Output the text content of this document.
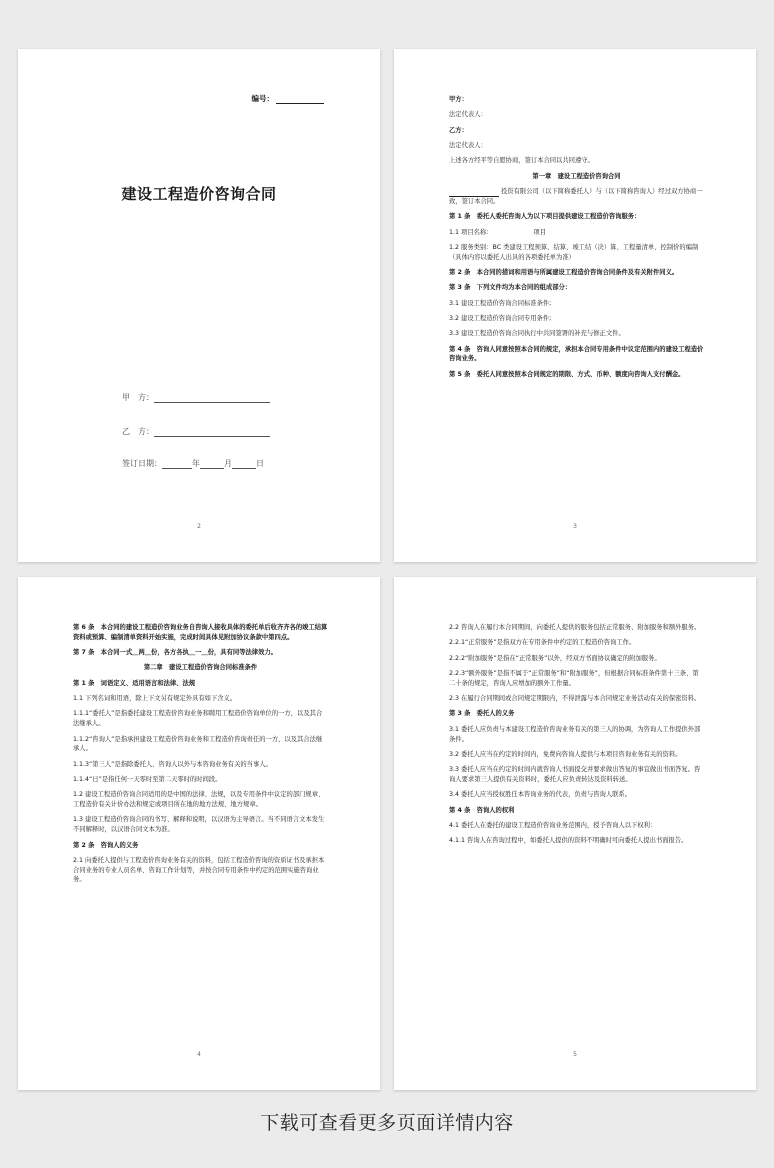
编号：
建设工程造价咨询合同
甲　方：
乙　方：
签订日期：	年	月	日
2

甲方：

法定代表人：

乙方：

法定代表人：

上述各方经平等自愿协商，签订本合同以共同遵守。

第一章　建设工程造价咨询合同

投资有限公司（以下简称委托人）与（以下简称咨询人）经过双方协商一致，签订本合同。

第 1 条　委托人委托咨询人为以下项目提供建设工程造价咨询服务：

1.1 项目名称：　　　　　　　项目

1.2 服务类别：BC 类建设工程预算、结算、竣工结（决）算、工程量清单、控制价的编制（具体内容以委托人出具的各项委托单为准）

第 2 条　本合同的措词和用语与所属建设工程造价咨询合同条件及有关附件同义。

第 3 条　下列文件均为本合同的组成部分：

3.1 建设工程造价咨询合同标准条件;

3.2 建设工程造价咨询合同专用条件;

3.3 建设工程造价咨询合同执行中共同签署的补充与修正文件。

第 4 条　咨询人同意按照本合同的规定，承担本合同专用条件中议定范围内的建设工程造价咨询业务。

第 5 条　委托人同意按照本合同规定的期限、方式、币种、额度向咨询人支付酬金。

3

第 6 条　本合同的建设工程造价咨询业务自咨询人接收具体的委托单后收齐齐各的竣工结算资料或预算、编制清单资料开始实施，完成时间具体见附加协议条款中第四点。

第 7 条　本合同一式＿两＿份，各方各执＿一＿份，具有同等法律效力。

第二章　建设工程造价咨询合同标准条件

第 1 条　词语定义、适用语言和法律、法规

1.1 下列名词和用语，除上下文另有规定外具有如下含义。

1.1.1“委托人”是指委托建设工程造价咨询业务和聘用工程造价咨询单位的一方，以及其合法继承人。

1.1.2“咨询人”是指承担建设工程造价咨询业务和工程造价咨询责任的一方，以及其合法继承人。

1.1.3“第三人”是指除委托人、咨询人以外与本咨询业务有关的当事人。

1.1.4“日”是指任何一天零时至第二天零时的时间段。

1.2 建设工程造价咨询合同适用的是中国的法律、法规，以及专用条件中议定的部门规章、工程造价有关计价办法和规定或项目所在地的地方法规、地方规章。

1.3 建设工程造价咨询合同的书写、解释和说明，以汉语为主导语言。当不同语言文本发生不同解释时，以汉语合同文本为准。

第 2 条　咨询人的义务

2.1 向委托人提供与工程造价咨询业务有关的资料，包括工程造价咨询的资质证书及承担本合同业务的专业人员名单、咨询工作计划等，并按合同专用条件中约定的范围实施咨询业务。

4

2.2 咨询人在履行本合同期间，向委托人提供的服务包括正常服务、附加服务和额外服务。

2.2.1“正常服务”是指双方在专用条件中约定的工程造价咨询工作。

2.2.2“附加服务”是指在“正常服务”以外，经双方书面协议确定的附加服务。

2.2.3“额外服务”是指不属于“正常服务”和“附加服务”，但根据合同标准条件第十三条、第二十条的规定，咨询人应增加的额外工作量。

2.3 在履行合同期间或合同规定期限内，不得泄露与本合同规定业务活动有关的保密资料。

第 3 条　委托人的义务

3.1 委托人应负责与本建设工程造价咨询业务有关的第三人的协调，为咨询人工作提供外部条件。

3.2 委托人应当在约定的时间内，免费向咨询人提供与本项目咨询业务有关的资料。

3.3 委托人应当在约定的时间内就咨询人书面提交并要求做出答复的事宜做出书面答复。咨询人要求第三人提供有关资料时，委托人应负责转达及资料转送。

3.4 委托人应当授权胜任本咨询业务的代表，负责与咨询人联系。

第 4 条　咨询人的权利

4.1 委托人在委托的建设工程造价咨询业务范围内，授予咨询人以下权利：

4.1.1 咨询人在咨询过程中，如委托人提供的资料不明确时可向委托人提出书面报告。

5
下载可查看更多页面详情内容
